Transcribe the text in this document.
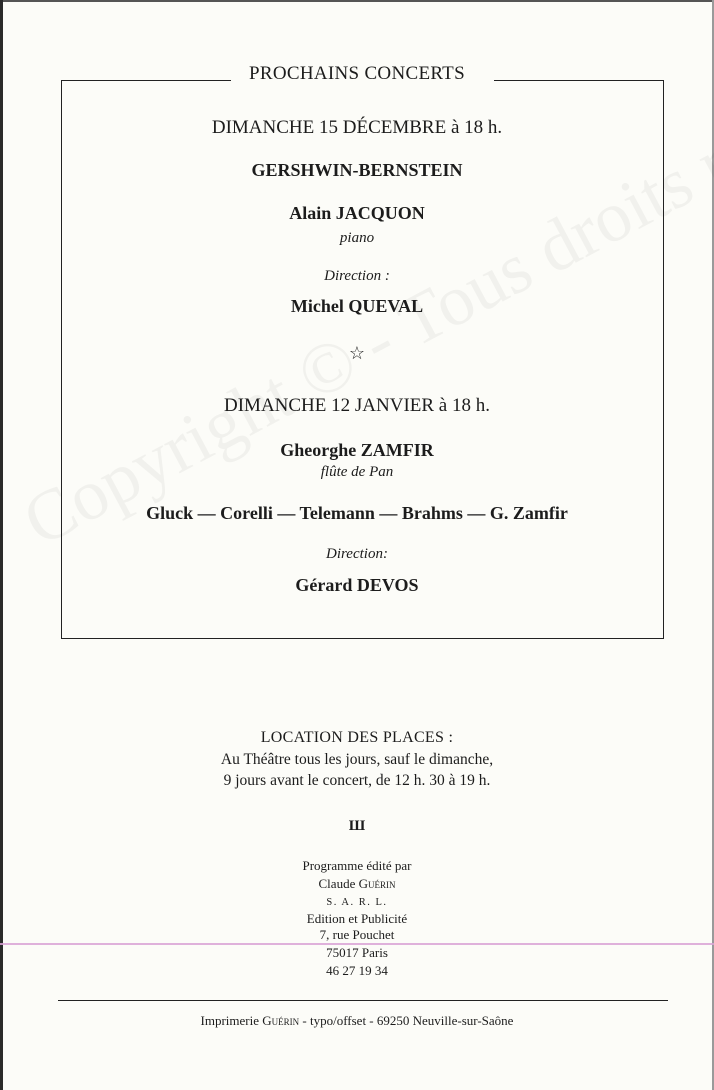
PROCHAINS CONCERTS
DIMANCHE 15 DÉCEMBRE à 18 h.
GERSHWIN-BERNSTEIN
Alain JACQUON
piano
Direction :
Michel QUEVAL
☆
DIMANCHE 12 JANVIER à 18 h.
Gheorghe ZAMFIR
flûte de Pan
Gluck — Corelli — Telemann — Brahms — G. Zamfir
Direction:
Gérard DEVOS
LOCATION DES PLACES :
Au Théâtre tous les jours, sauf le dimanche,
9 jours avant le concert, de 12 h. 30 à 19 h.
Ш
Programme édité par
Claude Guérin
S. A. R. L.
Edition et Publicité
7, rue Pouchet
75017 Paris
46 27 19 34
Imprimerie Guérin - typo/offset - 69250 Neuville-sur-Saône
